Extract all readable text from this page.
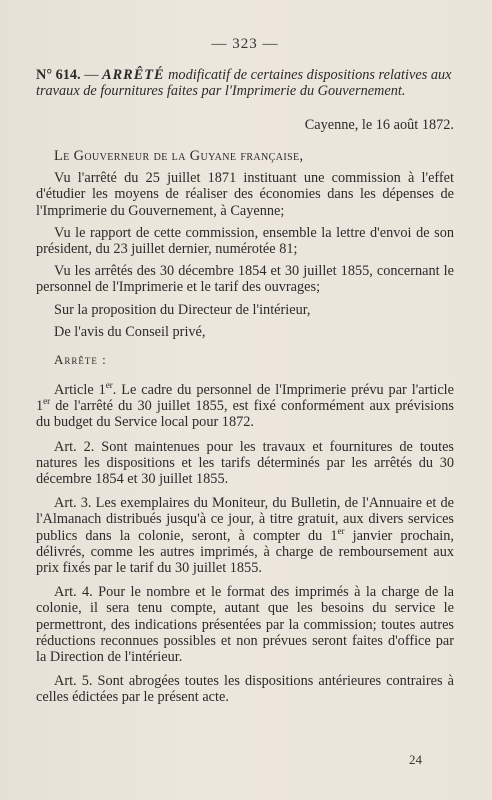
— 323 —

N° 614. — ARRÊTÉ modificatif de certaines dispositions relatives aux travaux de fournitures faites par l'Imprimerie du Gouvernement.

Cayenne, le 16 août 1872.

Le Gouverneur de la Guyane française,

Vu l'arrêté du 25 juillet 1871 instituant une commission à l'effet d'étudier les moyens de réaliser des économies dans les dépenses de l'Imprimerie du Gouvernement, à Cayenne;

Vu le rapport de cette commission, ensemble la lettre d'envoi de son président, du 23 juillet dernier, numérotée 81;

Vu les arrêtés des 30 décembre 1854 et 30 juillet 1855, concernant le personnel de l'Imprimerie et le tarif des ouvrages;

Sur la proposition du Directeur de l'intérieur,

De l'avis du Conseil privé,

Arrête :

Article 1er. Le cadre du personnel de l'Imprimerie prévu par l'article 1er de l'arrêté du 30 juillet 1855, est fixé conformément aux prévisions du budget du Service local pour 1872.

Art. 2. Sont maintenues pour les travaux et fournitures de toutes natures les dispositions et les tarifs déterminés par les arrêtés du 30 décembre 1854 et 30 juillet 1855.

Art. 3. Les exemplaires du Moniteur, du Bulletin, de l'Annuaire et de l'Almanach distribués jusqu'à ce jour, à titre gratuit, aux divers services publics dans la colonie, seront, à compter du 1er janvier prochain, délivrés, comme les autres imprimés, à charge de remboursement aux prix fixés par le tarif du 30 juillet 1855.

Art. 4. Pour le nombre et le format des imprimés à la charge de la colonie, il sera tenu compte, autant que les besoins du service le permettront, des indications présentées par la commission; toutes autres réductions reconnues possibles et non prévues seront faites d'office par la Direction de l'intérieur.

Art. 5. Sont abrogées toutes les dispositions antérieures contraires à celles édictées par le présent acte.

24
